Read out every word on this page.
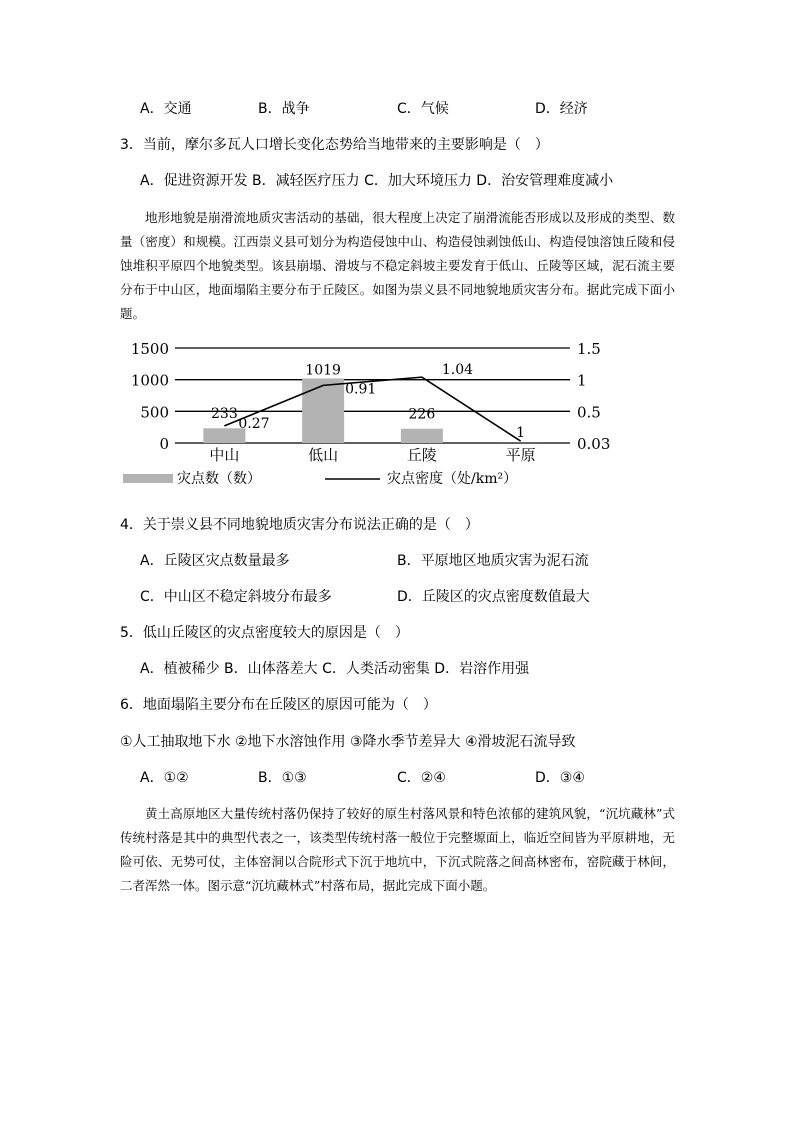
A．交通	B．战争	C．气候	D．经济
3．当前，摩尔多瓦人口增长变化态势给当地带来的主要影响是（　）
A．促进资源开发 B．减轻医疗压力 C．加大环境压力 D．治安管理难度减小

地形地貌是崩滑流地质灾害活动的基础，很大程度上决定了崩滑流能否形成以及形成的类型、数量（密度）和规模。江西崇义县可划分为构造侵蚀中山、构造侵蚀剥蚀低山、构造侵蚀溶蚀丘陵和侵蚀堆积平原四个地貌类型。该县崩塌、滑坡与不稳定斜坡主要发育于低山、丘陵等区域，泥石流主要分布于中山区，地面塌陷主要分布于丘陵区。如图为崇义县不同地貌地质灾害分布。据此完成下面小题。

1500
1000
500
0
1.5
1
0.5
0.03
233
1019
226
1
0.27
0.91
1.04
中山	低山	丘陵	平原
灾点数（数）	灾点密度（处/km²）
4．关于崇义县不同地貌地质灾害分布说法正确的是（　）
A．丘陵区灾点数量最多	B．平原地区地质灾害为泥石流
C．中山区不稳定斜坡分布最多	D．丘陵区的灾点密度数值最大
5．低山丘陵区的灾点密度较大的原因是（　）
A．植被稀少 B．山体落差大 C．人类活动密集 D．岩溶作用强
6．地面塌陷主要分布在丘陵区的原因可能为（　）
①人工抽取地下水 ②地下水溶蚀作用 ③降水季节差异大 ④滑坡泥石流导致
A．①②	B．①③	C．②④	D．③④

黄土高原地区大量传统村落仍保持了较好的原生村落风景和特色浓郁的建筑风貌，“沉坑藏林”式传统村落是其中的典型代表之一，该类型传统村落一般位于完整塬面上，临近空间皆为平原耕地，无险可依、无势可仗，主体窑洞以合院形式下沉于地坑中，下沉式院落之间高林密布，窑院藏于林间，二者浑然一体。图示意“沉坑藏林式”村落布局，据此完成下面小题。
